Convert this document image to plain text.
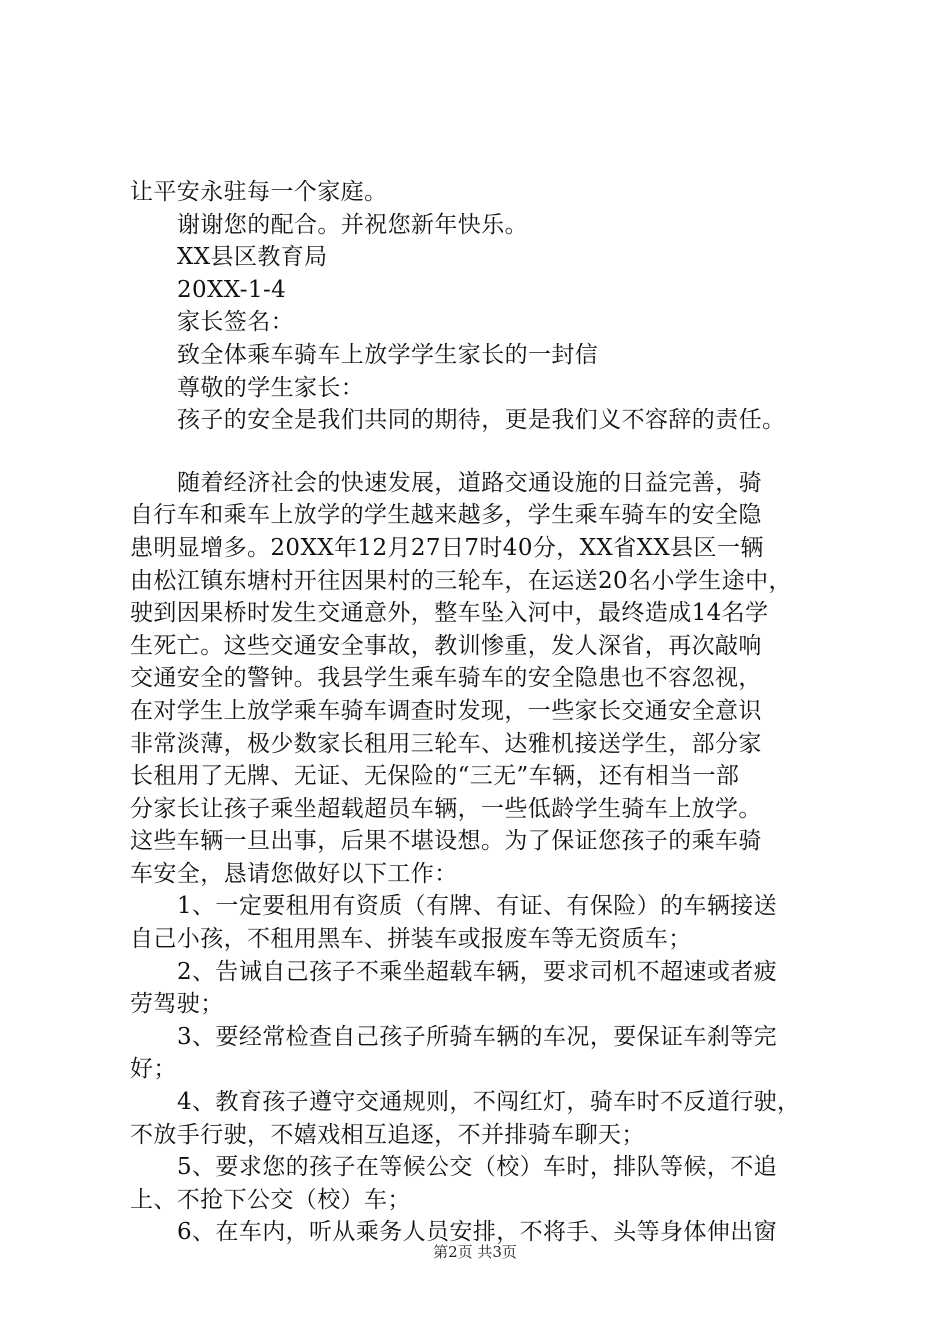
让平安永驻每一个家庭。
谢谢您的配合。并祝您新年快乐。
XX县区教育局
20XX-1-4
家长签名：
致全体乘车骑车上放学学生家长的一封信
尊敬的学生家长：
孩子的安全是我们共同的期待，更是我们义不容辞的责任。
随着经济社会的快速发展，道路交通设施的日益完善，骑
自行车和乘车上放学的学生越来越多，学生乘车骑车的安全隐
患明显增多。20XX年12月27日7时40分，XX省XX县区一辆
由松江镇东塘村开往因果村的三轮车，在运送20名小学生途中，
驶到因果桥时发生交通意外，整车坠入河中，最终造成14名学
生死亡。这些交通安全事故，教训惨重，发人深省，再次敲响
交通安全的警钟。我县学生乘车骑车的安全隐患也不容忽视，
在对学生上放学乘车骑车调查时发现，一些家长交通安全意识
非常淡薄，极少数家长租用三轮车、达雅机接送学生，部分家
长租用了无牌、无证、无保险的“三无”车辆，还有相当一部
分家长让孩子乘坐超载超员车辆，一些低龄学生骑车上放学。
这些车辆一旦出事，后果不堪设想。为了保证您孩子的乘车骑
车安全，恳请您做好以下工作：
1、一定要租用有资质（有牌、有证、有保险）的车辆接送
自己小孩，不租用黑车、拼装车或报废车等无资质车；
2、告诫自己孩子不乘坐超载车辆，要求司机不超速或者疲
劳驾驶；
3、要经常检查自己孩子所骑车辆的车况，要保证车刹等完
好；
4、教育孩子遵守交通规则，不闯红灯，骑车时不反道行驶，
不放手行驶，不嬉戏相互追逐，不并排骑车聊天；
5、要求您的孩子在等候公交（校）车时，排队等候，不追
上、不抢下公交（校）车；
6、在车内，听从乘务人员安排，不将手、头等身体伸出窗
第2页 共3页
